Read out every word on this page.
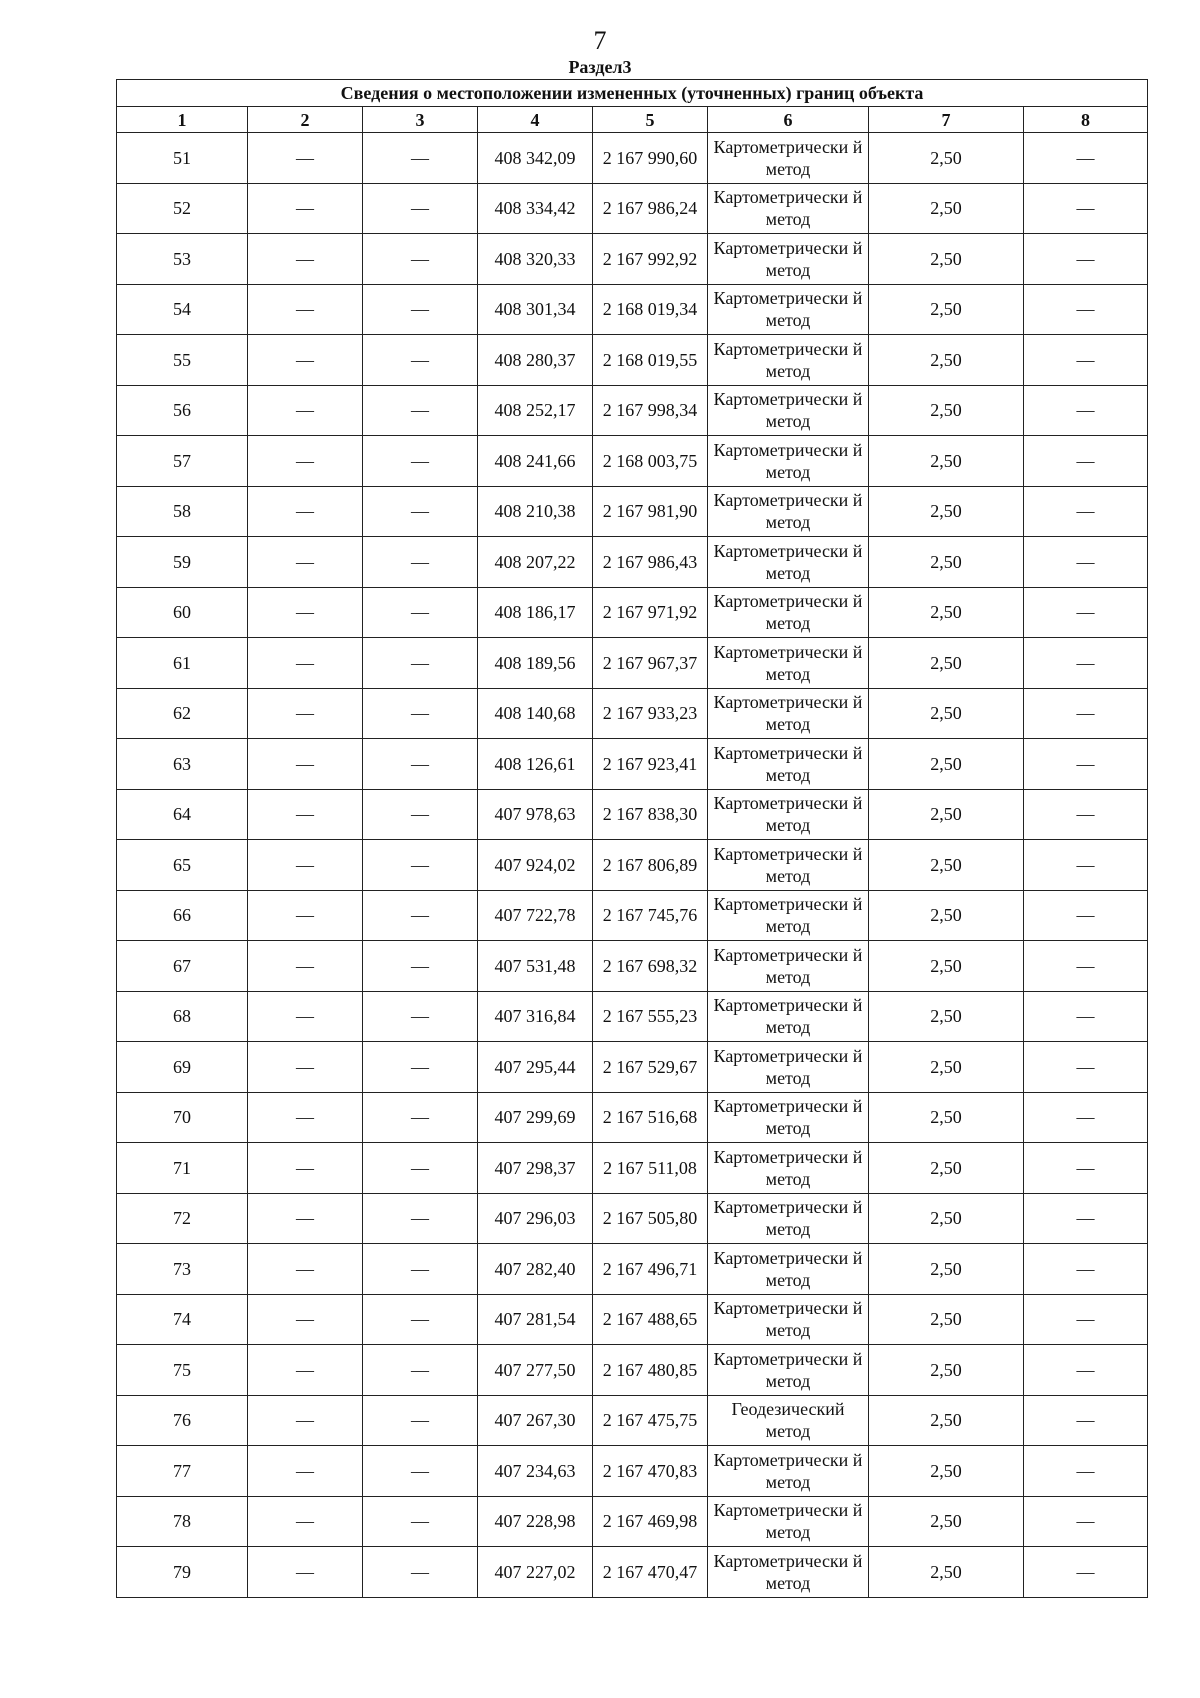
7
Раздел3
Сведения о местоположении измененных (уточненных) границ объекта							
1	2	3	4	5	6	7	8
51	—	—	408 342,09	2 167 990,60	Картометрически й метод	2,50	—
52	—	—	408 334,42	2 167 986,24	Картометрически й метод	2,50	—
53	—	—	408 320,33	2 167 992,92	Картометрически й метод	2,50	—
54	—	—	408 301,34	2 168 019,34	Картометрически й метод	2,50	—
55	—	—	408 280,37	2 168 019,55	Картометрически й метод	2,50	—
56	—	—	408 252,17	2 167 998,34	Картометрически й метод	2,50	—
57	—	—	408 241,66	2 168 003,75	Картометрически й метод	2,50	—
58	—	—	408 210,38	2 167 981,90	Картометрически й метод	2,50	—
59	—	—	408 207,22	2 167 986,43	Картометрически й метод	2,50	—
60	—	—	408 186,17	2 167 971,92	Картометрически й метод	2,50	—
61	—	—	408 189,56	2 167 967,37	Картометрически й метод	2,50	—
62	—	—	408 140,68	2 167 933,23	Картометрически й метод	2,50	—
63	—	—	408 126,61	2 167 923,41	Картометрически й метод	2,50	—
64	—	—	407 978,63	2 167 838,30	Картометрически й метод	2,50	—
65	—	—	407 924,02	2 167 806,89	Картометрически й метод	2,50	—
66	—	—	407 722,78	2 167 745,76	Картометрически й метод	2,50	—
67	—	—	407 531,48	2 167 698,32	Картометрически й метод	2,50	—
68	—	—	407 316,84	2 167 555,23	Картометрически й метод	2,50	—
69	—	—	407 295,44	2 167 529,67	Картометрически й метод	2,50	—
70	—	—	407 299,69	2 167 516,68	Картометрически й метод	2,50	—
71	—	—	407 298,37	2 167 511,08	Картометрически й метод	2,50	—
72	—	—	407 296,03	2 167 505,80	Картометрически й метод	2,50	—
73	—	—	407 282,40	2 167 496,71	Картометрически й метод	2,50	—
74	—	—	407 281,54	2 167 488,65	Картометрически й метод	2,50	—
75	—	—	407 277,50	2 167 480,85	Картометрически й метод	2,50	—
76	—	—	407 267,30	2 167 475,75	Геодезический метод	2,50	—
77	—	—	407 234,63	2 167 470,83	Картометрически й метод	2,50	—
78	—	—	407 228,98	2 167 469,98	Картометрически й метод	2,50	—
79	—	—	407 227,02	2 167 470,47	Картометрически й метод	2,50	—
